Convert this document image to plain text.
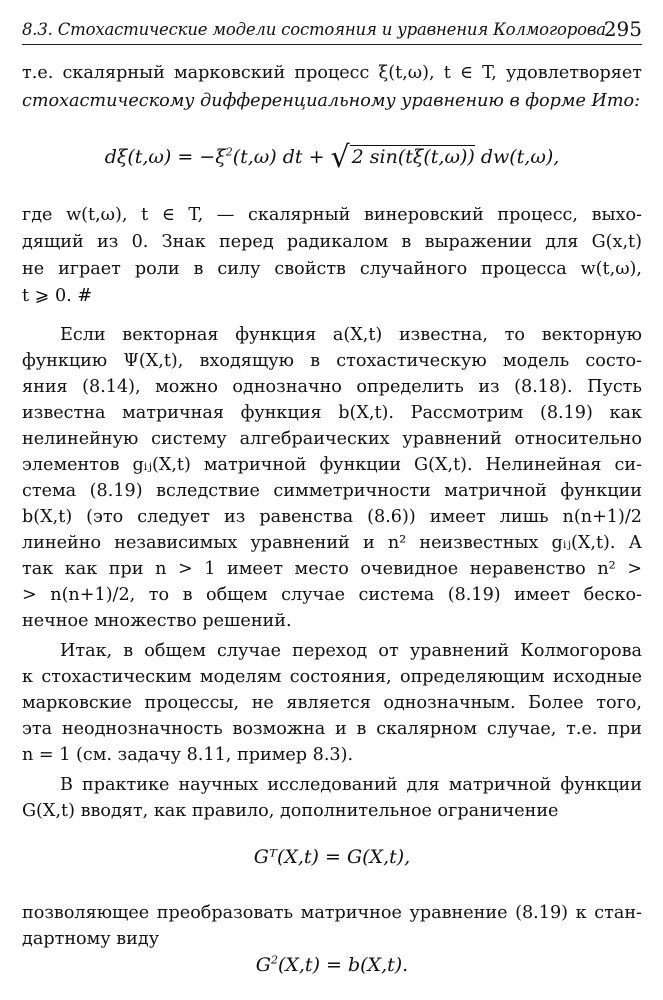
8.3. Стохастические модели состояния и уравнения Колмогорова
295
т.е. скалярный марковский процесс ξ(t,ω), t ∈ T, удовлетворяет
стохастическому дифференциальному уравнению в форме Ито:
$d\xi(t,\omega) = -\xi^2(t,\omega)$ dt + √ 2 sin(tξ(t,ω)) dw(t,ω),
где w(t,ω), t ∈ T, — скалярный винеровский процесс, выхо-
дящий из 0. Знак перед радикалом в выражении для G(x,t)
не играет роли в силу свойств случайного процесса w(t,ω),
t ⩾ 0. #
Если векторная функция a(X,t) известна, то векторную
функцию Ψ(X,t), входящую в стохастическую модель состо-
яния (8.14), можно однозначно определить из (8.18). Пусть
известна матричная функция b(X,t). Рассмотрим (8.19) как
нелинейную систему алгебраических уравнений относительно
элементов gᵢⱼ(X,t) матричной функции G(X,t). Нелинейная си-
стема (8.19) вследствие симметричности матричной функции
b(X,t) (это следует из равенства (8.6)) имеет лишь n(n+1)/2
линейно независимых уравнений и n² неизвестных gᵢⱼ(X,t). А
так как при n > 1 имеет место очевидное неравенство n² >
> n(n+1)/2, то в общем случае система (8.19) имеет беско-
нечное множество решений.
Итак, в общем случае переход от уравнений Колмогорова
к стохастическим моделям состояния, определяющим исходные
марковские процессы, не является однозначным. Более того,
эта неоднозначность возможна и в скалярном случае, т.е. при
n = 1 (см. задачу 8.11, пример 8.3).
В практике научных исследований для матричной функции
G(X,t) вводят, как правило, дополнительное ограничение
Gᵀ(X,t) = G(X,t),
позволяющее преобразовать матричное уравнение (8.19) к стан-
дартному виду
$G^2(X,t) = b(X,t)$.
